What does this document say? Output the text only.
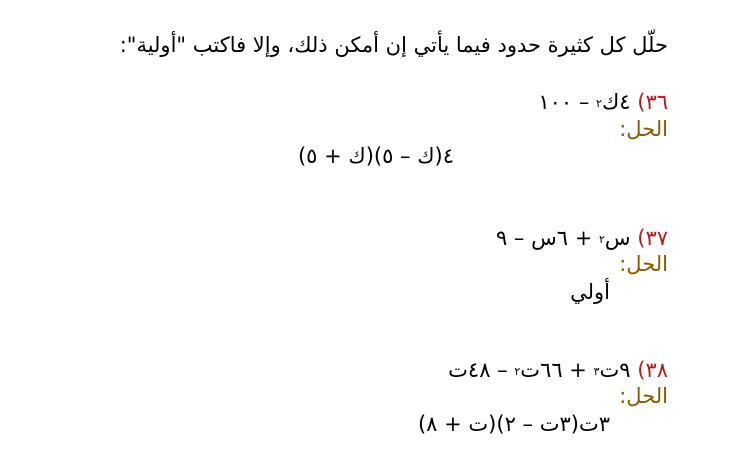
حلّل كل كثيرة حدود فيما يأتي إن أمكن ذلك، وإلا فاكتب "أولية":
٣٦) ٤ك$^٢$ – ١٠٠
الحل:
٤(ك – ٥)(ك + ٥)
٣٧) س$^٢$ + ٦س – ٩
الحل:
أولي
٣٨) ٩ت$^٣$ + ٦٦ت$^٢$ – ٤٨ت
الحل:
٣ت(٣ت – ٢)(ت + ٨)
